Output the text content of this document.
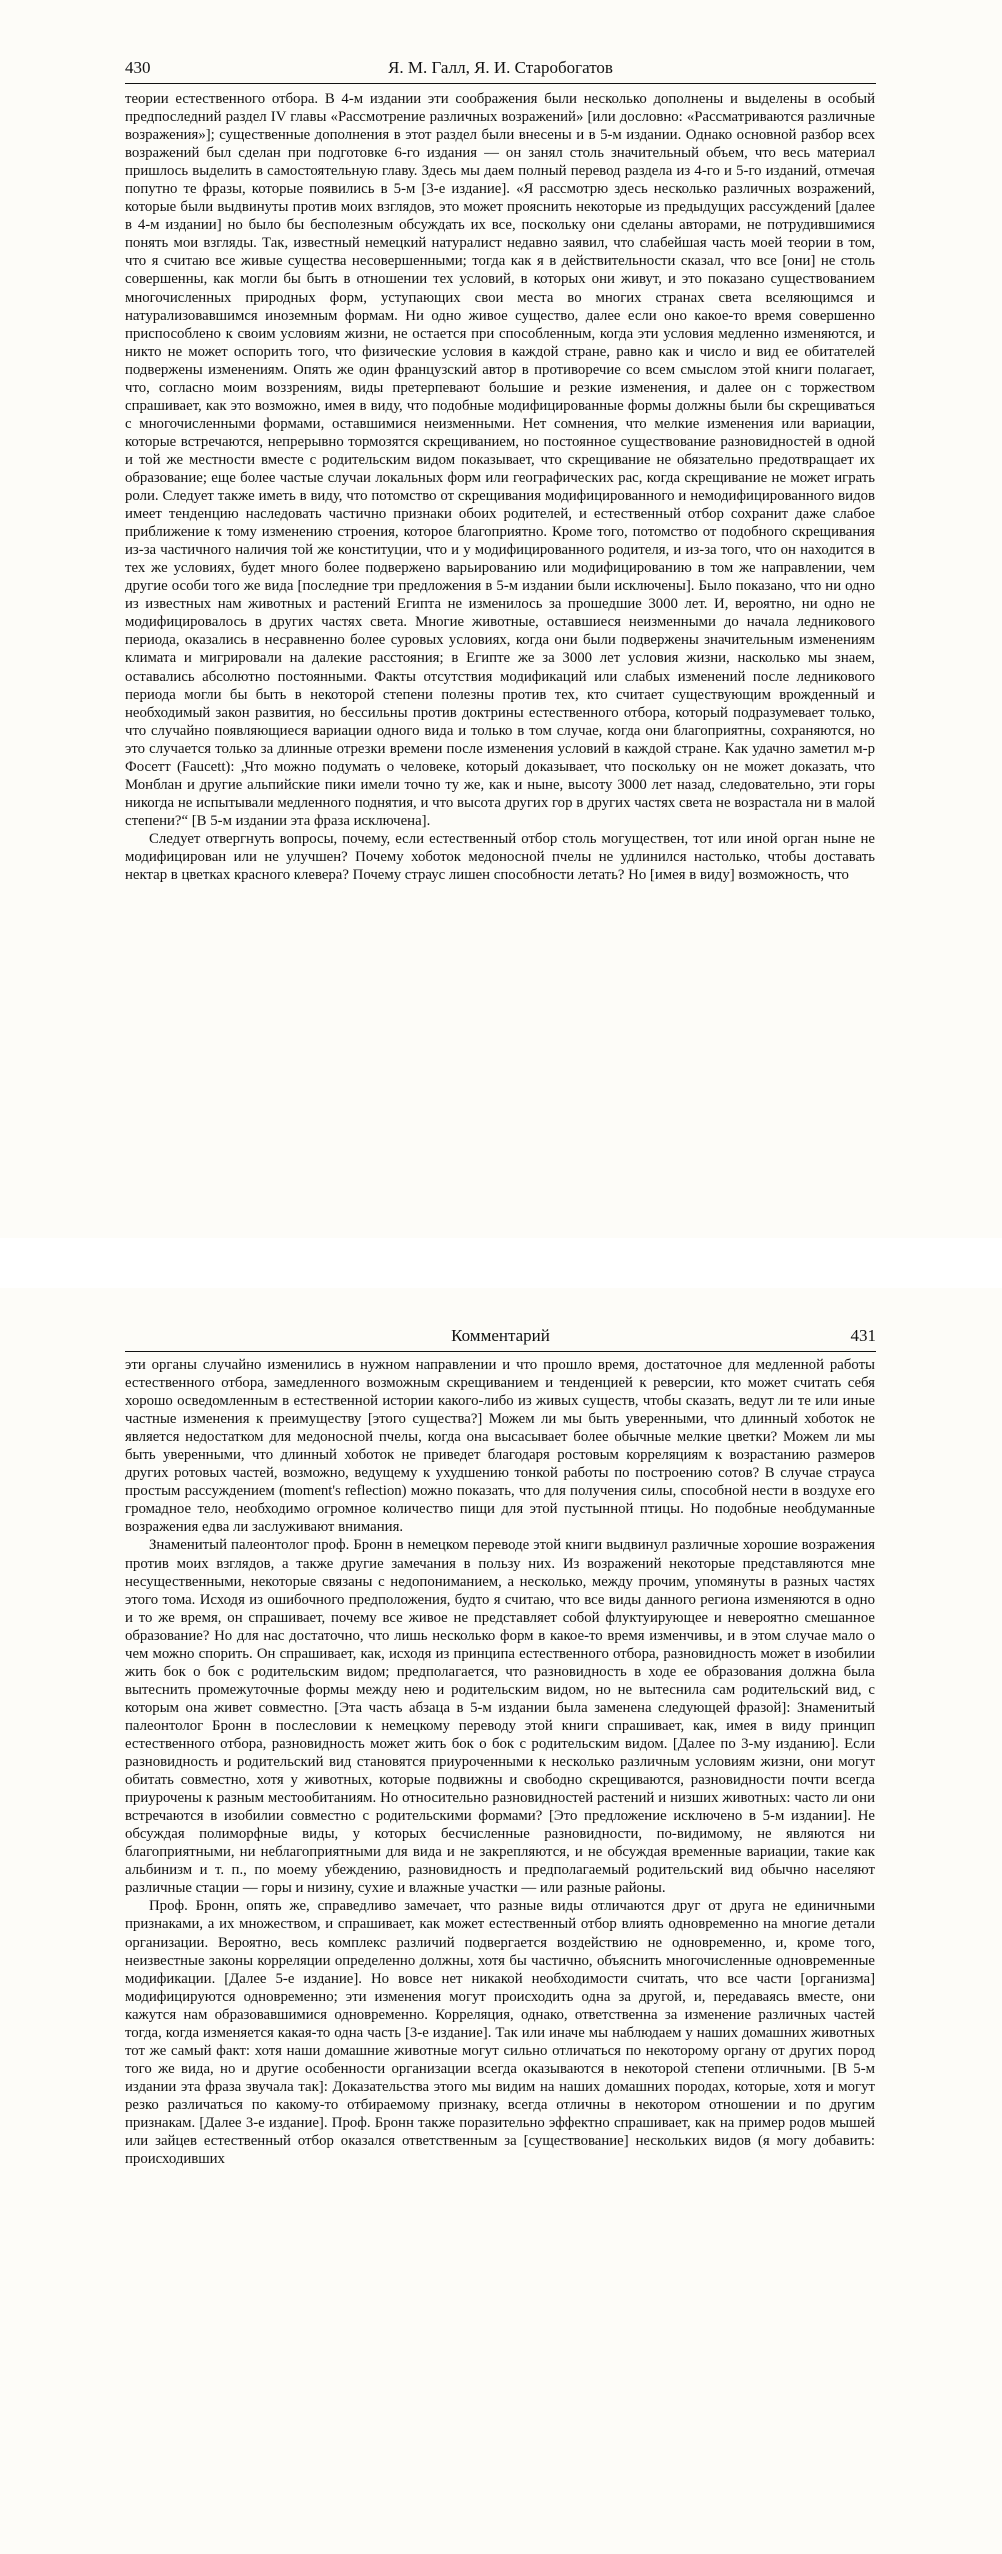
430	Я. М. Галл, Я. И. Старобогатов

теории естественного отбора. В 4-м издании эти соображения были несколько дополнены и выделены в особый предпоследний раздел IV главы «Рассмотрение различных возражений» [или дословно: «Рассматриваются различные возражения»]; существенные дополнения в этот раздел были внесены и в 5-м издании. Однако основной разбор всех возражений был сделан при подготовке 6-го издания — он занял столь значительный объем, что весь материал пришлось выделить в самостоятельную главу. Здесь мы даем полный перевод раздела из 4-го и 5-го изданий, отмечая попутно те фразы, которые появились в 5-м [3-е издание]. «Я рассмотрю здесь несколько различных возражений, которые были выдвинуты против моих взглядов, это может прояснить некоторые из предыдущих рассуждений [далее в 4-м издании] но было бы бесполезным обсуждать их все, поскольку они сделаны авторами, не потрудившимися понять мои взгляды. Так, известный немецкий натуралист недавно заявил, что слабейшая часть моей теории в том, что я считаю все живые существа несовершенными; тогда как я в действительности сказал, что все [они] не столь совершенны, как могли бы быть в отношении тех условий, в которых они живут, и это показано существованием многочисленных природных форм, уступающих свои места во многих странах света вселяющимся и натурализовавшимся иноземным формам. Ни одно живое существо, далее если оно какое-то время совершенно приспособлено к своим условиям жизни, не остается при способленным, когда эти условия медленно изменяются, и никто не может оспорить того, что физические условия в каждой стране, равно как и число и вид ее обитателей подвержены изменениям. Опять же один французский автор в противоречие со всем смыслом этой книги полагает, что, согласно моим воззрениям, виды претерпевают большие и резкие изменения, и далее он с торжеством спрашивает, как это возможно, имея в виду, что подобные модифицированные формы должны были бы скрещиваться с многочисленными формами, оставшимися неизменными. Нет сомнения, что мелкие изменения или вариации, которые встречаются, непрерывно тормозятся скрещиванием, но постоянное существование разновидностей в одной и той же местности вместе с родительским видом показывает, что скрещивание не обязательно предотвращает их образование; еще более частые случаи локальных форм или географических рас, когда скрещивание не может играть роли. Следует также иметь в виду, что потомство от скрещивания модифицированного и немодифицированного видов имеет тенденцию наследовать частично признаки обоих родителей, и естественный отбор сохранит даже слабое приближение к тому изменению строения, которое благоприятно. Кроме того, потомство от подобного скрещивания из-за частичного наличия той же конституции, что и у модифицированного родителя, и из-за того, что он находится в тех же условиях, будет много более подвержено варьированию или модифицированию в том же направлении, чем другие особи того же вида [последние три предложения в 5-м издании были исключены]. Было показано, что ни одно из известных нам животных и растений Египта не изменилось за прошедшие 3000 лет. И, вероятно, ни одно не модифицировалось в других частях света. Многие животные, оставшиеся неизменными до начала ледникового периода, оказались в несравненно более суровых условиях, когда они были подвержены значительным изменениям климата и мигрировали на далекие расстояния; в Египте же за 3000 лет условия жизни, насколько мы знаем, оставались абсолютно постоянными. Факты отсутствия модификаций или слабых изменений после ледникового периода могли бы быть в некоторой степени полезны против тех, кто считает существующим врожденный и необходимый закон развития, но бессильны против доктрины естественного отбора, который подразумевает только, что случайно появляющиеся вариации одного вида и только в том случае, когда они благоприятны, сохраняются, но это случается только за длинные отрезки времени после изменения условий в каждой стране. Как удачно заметил м-р Фосетт (Faucett): „Что можно подумать о человеке, который доказывает, что поскольку он не может доказать, что Монблан и другие альпийские пики имели точно ту же, как и ныне, высоту 3000 лет назад, следовательно, эти горы никогда не испытывали медленного поднятия, и что высота других гор в других частях света не возрастала ни в малой степени?“ [В 5-м издании эта фраза исключена].

Следует отвергнуть вопросы, почему, если естественный отбор столь могуществен, тот или иной орган ныне не модифицирован или не улучшен? Почему хоботок медоносной пчелы не удлинился настолько, чтобы доставать нектар в цветках красного клевера? Почему страус лишен способности летать? Но [имея в виду] возможность, что

Комментарий	431

эти органы случайно изменились в нужном направлении и что прошло время, достаточное для медленной работы естественного отбора, замедленного возможным скрещиванием и тенденцией к реверсии, кто может считать себя хорошо осведомленным в естественной истории какого-либо из живых существ, чтобы сказать, ведут ли те или иные частные изменения к преимуществу [этого существа?] Можем ли мы быть уверенными, что длинный хоботок не является недостатком для медоносной пчелы, когда она высасывает более обычные мелкие цветки? Можем ли мы быть уверенными, что длинный хоботок не приведет благодаря ростовым корреляциям к возрастанию размеров других ротовых частей, возможно, ведущему к ухудшению тонкой работы по построению сотов? В случае страуса простым рассуждением (moment's reflection) можно показать, что для получения силы, способной нести в воздухе его громадное тело, необходимо огромное количество пищи для этой пустынной птицы. Но подобные необдуманные возражения едва ли заслуживают внимания.

Знаменитый палеонтолог проф. Бронн в немецком переводе этой книги выдвинул различные хорошие возражения против моих взглядов, а также другие замечания в пользу них. Из возражений некоторые представляются мне несущественными, некоторые связаны с недопониманием, а несколько, между прочим, упомянуты в разных частях этого тома. Исходя из ошибочного предположения, будто я считаю, что все виды данного региона изменяются в одно и то же время, он спрашивает, почему все живое не представляет собой флуктуирующее и невероятно смешанное образование? Но для нас достаточно, что лишь несколько форм в какое-то время изменчивы, и в этом случае мало о чем можно спорить. Он спрашивает, как, исходя из принципа естественного отбора, разновидность может в изобилии жить бок о бок с родительским видом; предполагается, что разновидность в ходе ее образования должна была вытеснить промежуточные формы между нею и родительским видом, но не вытеснила сам родительский вид, с которым она живет совместно. [Эта часть абзаца в 5-м издании была заменена следующей фразой]: Знаменитый палеонтолог Бронн в послесловии к немецкому переводу этой книги спрашивает, как, имея в виду принцип естественного отбора, разновидность может жить бок о бок с родительским видом. [Далее по 3-му изданию]. Если разновидность и родительский вид становятся приуроченными к несколько различным условиям жизни, они могут обитать совместно, хотя у животных, которые подвижны и свободно скрещиваются, разновидности почти всегда приурочены к разным местообитаниям. Но относительно разновидностей растений и низших животных: часто ли они встречаются в изобилии совместно с родительскими формами? [Это предложение исключено в 5-м издании]. Не обсуждая полиморфные виды, у которых бесчисленные разновидности, по-видимому, не являются ни благоприятными, ни неблагоприятными для вида и не закрепляются, и не обсуждая временные вариации, такие как альбинизм и т. п., по моему убеждению, разновидность и предполагаемый родительский вид обычно населяют различные стации — горы и низину, сухие и влажные участки — или разные районы.

Проф. Бронн, опять же, справедливо замечает, что разные виды отличаются друг от друга не единичными признаками, а их множеством, и спрашивает, как может естественный отбор влиять одновременно на многие детали организации. Вероятно, весь комплекс различий подвергается воздействию не одновременно, и, кроме того, неизвестные законы корреляции определенно должны, хотя бы частично, объяснить многочисленные одновременные модификации. [Далее 5-е издание]. Но вовсе нет никакой необходимости считать, что все части [организма] модифицируются одновременно; эти изменения могут происходить одна за другой, и, передаваясь вместе, они кажутся нам образовавшимися одновременно. Корреляция, однако, ответственна за изменение различных частей тогда, когда изменяется какая-то одна часть [3-е издание]. Так или иначе мы наблюдаем у наших домашних животных тот же самый факт: хотя наши домашние животные могут сильно отличаться по некоторому органу от других пород того же вида, но и другие особенности организации всегда оказываются в некоторой степени отличными. [В 5-м издании эта фраза звучала так]: Доказательства этого мы видим на наших домашних породах, которые, хотя и могут резко различаться по какому-то отбираемому признаку, всегда отличны в некотором отношении и по другим признакам. [Далее 3-е издание]. Проф. Бронн также поразительно эффектно спрашивает, как на пример родов мышей или зайцев естественный отбор оказался ответственным за [существование] нескольких видов (я могу добавить: происходивших
